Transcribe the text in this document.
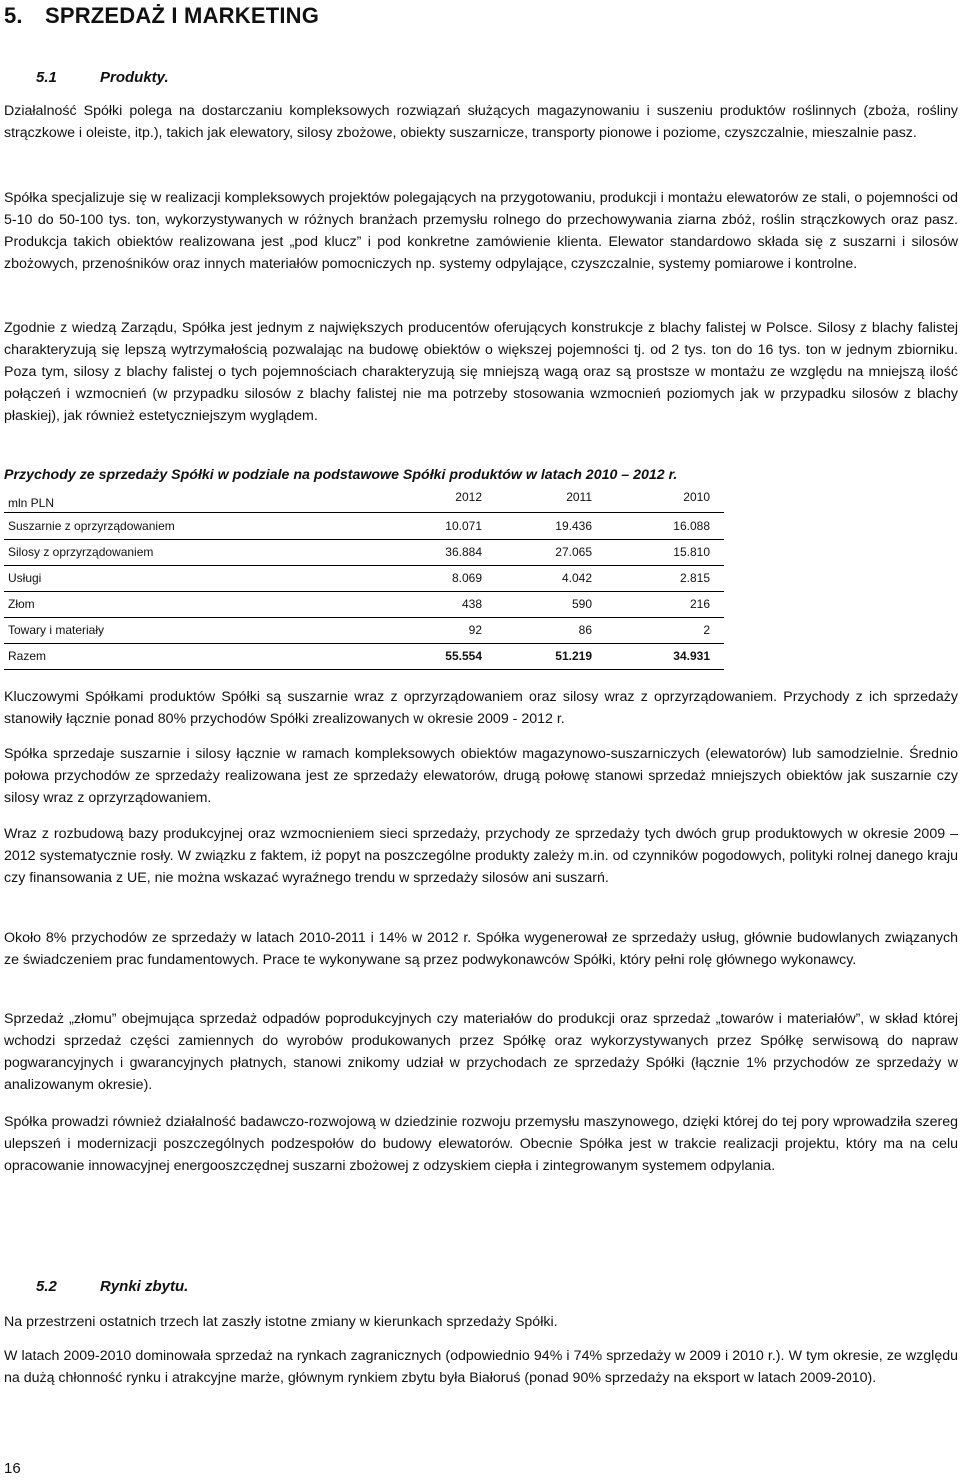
5. SPRZEDAŻ I MARKETING
5.1	Produkty.

Działalność Spółki polega na dostarczaniu kompleksowych rozwiązań służących magazynowaniu i suszeniu produktów roślinnych (zboża, rośliny strączkowe i oleiste, itp.), takich jak elewatory, silosy zbożowe, obiekty suszarnicze, transporty pionowe i poziome, czyszczalnie, mieszalnie pasz.

Spółka specjalizuje się w realizacji kompleksowych projektów polegających na przygotowaniu, produkcji i montażu elewatorów ze stali, o pojemności od 5-10 do 50-100 tys. ton, wykorzystywanych w różnych branżach przemysłu rolnego do przechowywania ziarna zbóż, roślin strączkowych oraz pasz. Produkcja takich obiektów realizowana jest „pod klucz” i pod konkretne zamówienie klienta. Elewator standardowo składa się z suszarni i silosów zbożowych, przenośników oraz innych materiałów pomocniczych np. systemy odpylające, czyszczalnie, systemy pomiarowe i kontrolne.

Zgodnie z wiedzą Zarządu, Spółka jest jednym z największych producentów oferujących konstrukcje z blachy falistej w Polsce. Silosy z blachy falistej charakteryzują się lepszą wytrzymałością pozwalając na budowę obiektów o większej pojemności tj. od 2 tys. ton do 16 tys. ton w jednym zbiorniku. Poza tym, silosy z blachy falistej o tych pojemnościach charakteryzują się mniejszą wagą oraz są prostsze w montażu ze względu na mniejszą ilość połączeń i wzmocnień (w przypadku silosów z blachy falistej nie ma potrzeby stosowania wzmocnień poziomych jak w przypadku silosów z blachy płaskiej), jak również estetyczniejszym wyglądem.

Przychody ze sprzedaży Spółki w podziale na podstawowe Spółki produktów w latach 2010 – 2012 r.

mln PLN	2012	2011	2010
Suszarnie z oprzyrządowaniem	10.071	19.436	16.088
Silosy z oprzyrządowaniem	36.884	27.065	15.810
Usługi	8.069	4.042	2.815
Złom	438	590	216
Towary i materiały	92	86	2
Razem	55.554	51.219	34.931

Kluczowymi Spółkami produktów Spółki są suszarnie wraz z oprzyrządowaniem oraz silosy wraz z oprzyrządowaniem. Przychody z ich sprzedaży stanowiły łącznie ponad 80% przychodów Spółki zrealizowanych w okresie 2009 - 2012 r.

Spółka sprzedaje suszarnie i silosy łącznie w ramach kompleksowych obiektów magazynowo-suszarniczych (elewatorów) lub samodzielnie. Średnio połowa przychodów ze sprzedaży realizowana jest ze sprzedaży elewatorów, drugą połowę stanowi sprzedaż mniejszych obiektów jak suszarnie czy silosy wraz z oprzyrządowaniem.

Wraz z rozbudową bazy produkcyjnej oraz wzmocnieniem sieci sprzedaży, przychody ze sprzedaży tych dwóch grup produktowych w okresie 2009 – 2012 systematycznie rosły. W związku z faktem, iż popyt na poszczególne produkty zależy m.in. od czynników pogodowych, polityki rolnej danego kraju czy finansowania z UE, nie można wskazać wyraźnego trendu w sprzedaży silosów ani suszarń.

Około 8% przychodów ze sprzedaży w latach 2010-2011 i 14% w 2012 r. Spółka wygenerował ze sprzedaży usług, głównie budowlanych związanych ze świadczeniem prac fundamentowych. Prace te wykonywane są przez podwykonawców Spółki, który pełni rolę głównego wykonawcy.

Sprzedaż „złomu” obejmująca sprzedaż odpadów poprodukcyjnych czy materiałów do produkcji oraz sprzedaż „towarów i materiałów”, w skład której wchodzi sprzedaż części zamiennych do wyrobów produkowanych przez Spółkę oraz wykorzystywanych przez Spółkę serwisową do napraw pogwarancyjnych i gwarancyjnych płatnych, stanowi znikomy udział w przychodach ze sprzedaży Spółki (łącznie 1% przychodów ze sprzedaży w analizowanym okresie).

Spółka prowadzi również działalność badawczo-rozwojową w dziedzinie rozwoju przemysłu maszynowego, dzięki której do tej pory wprowadziła szereg ulepszeń i modernizacji poszczególnych podzespołów do budowy elewatorów. Obecnie Spółka jest w trakcie realizacji projektu, który ma na celu opracowanie innowacyjnej energooszczędnej suszarni zbożowej z odzyskiem ciepła i zintegrowanym systemem odpylania.

5.2	Rynki zbytu.

Na przestrzeni ostatnich trzech lat zaszły istotne zmiany w kierunkach sprzedaży Spółki.

W latach 2009-2010 dominowała sprzedaż na rynkach zagranicznych (odpowiednio 94% i 74% sprzedaży w 2009 i 2010 r.). W tym okresie, ze względu na dużą chłonność rynku i atrakcyjne marże, głównym rynkiem zbytu była Białoruś (ponad 90% sprzedaży na eksport w latach 2009-2010).

16
